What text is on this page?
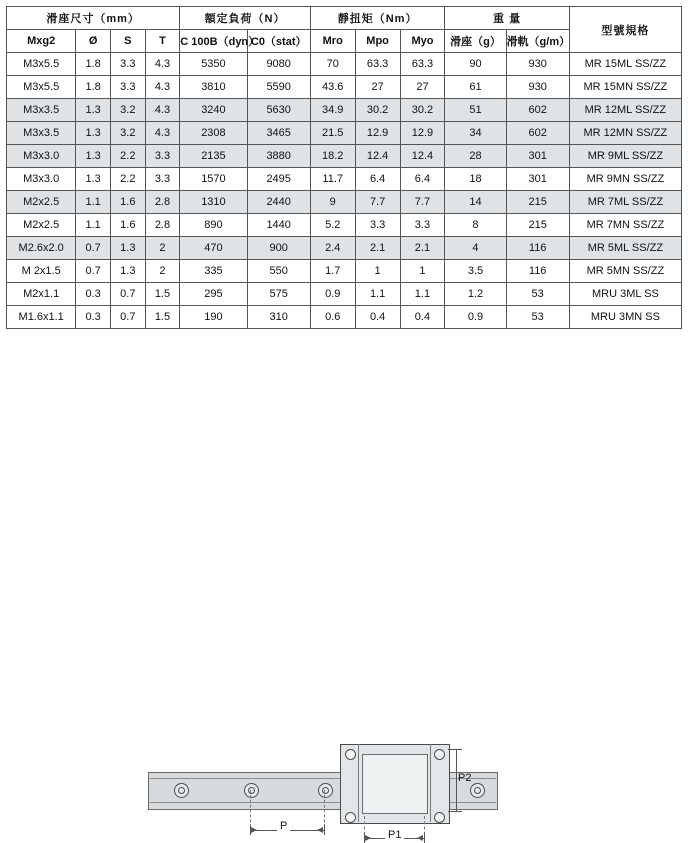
滑座尺寸（mm）				額定負荷（N）		靜扭矩（Nm）			重 量		型號規格
Mxg2	Ø	S	T	C 100B（dyn）	C0（stat）	Mro	Mpo	Myo	滑座（g）	滑軌（g/m）	
M3x5.5	1.8	3.3	4.3	5350	9080	70	63.3	63.3	90	930	MR 15ML SS/ZZ
M3x5.5	1.8	3.3	4.3	3810	5590	43.6	27	27	61	930	MR 15MN SS/ZZ
M3x3.5	1.3	3.2	4.3	3240	5630	34.9	30.2	30.2	51	602	MR 12ML SS/ZZ
M3x3.5	1.3	3.2	4.3	2308	3465	21.5	12.9	12.9	34	602	MR 12MN SS/ZZ
M3x3.0	1.3	2.2	3.3	2135	3880	18.2	12.4	12.4	28	301	MR 9ML SS/ZZ
M3x3.0	1.3	2.2	3.3	1570	2495	11.7	6.4	6.4	18	301	MR 9MN SS/ZZ
M2x2.5	1.1	1.6	2.8	1310	2440	9	7.7	7.7	14	215	MR 7ML SS/ZZ
M2x2.5	1.1	1.6	2.8	890	1440	5.2	3.3	3.3	8	215	MR 7MN SS/ZZ
M2.6x2.0	0.7	1.3	2	470	900	2.4	2.1	2.1	4	116	MR 5ML SS/ZZ
M 2x1.5	0.7	1.3	2	335	550	1.7	1	1	3.5	116	MR 5MN SS/ZZ
M2x1.1	0.3	0.7	1.5	295	575	0.9	1.1	1.1	1.2	53	MRU 3ML SS
M1.6x1.1	0.3	0.7	1.5	190	310	0.6	0.4	0.4	0.9	53	MRU 3MN SS
P
P1
P2
